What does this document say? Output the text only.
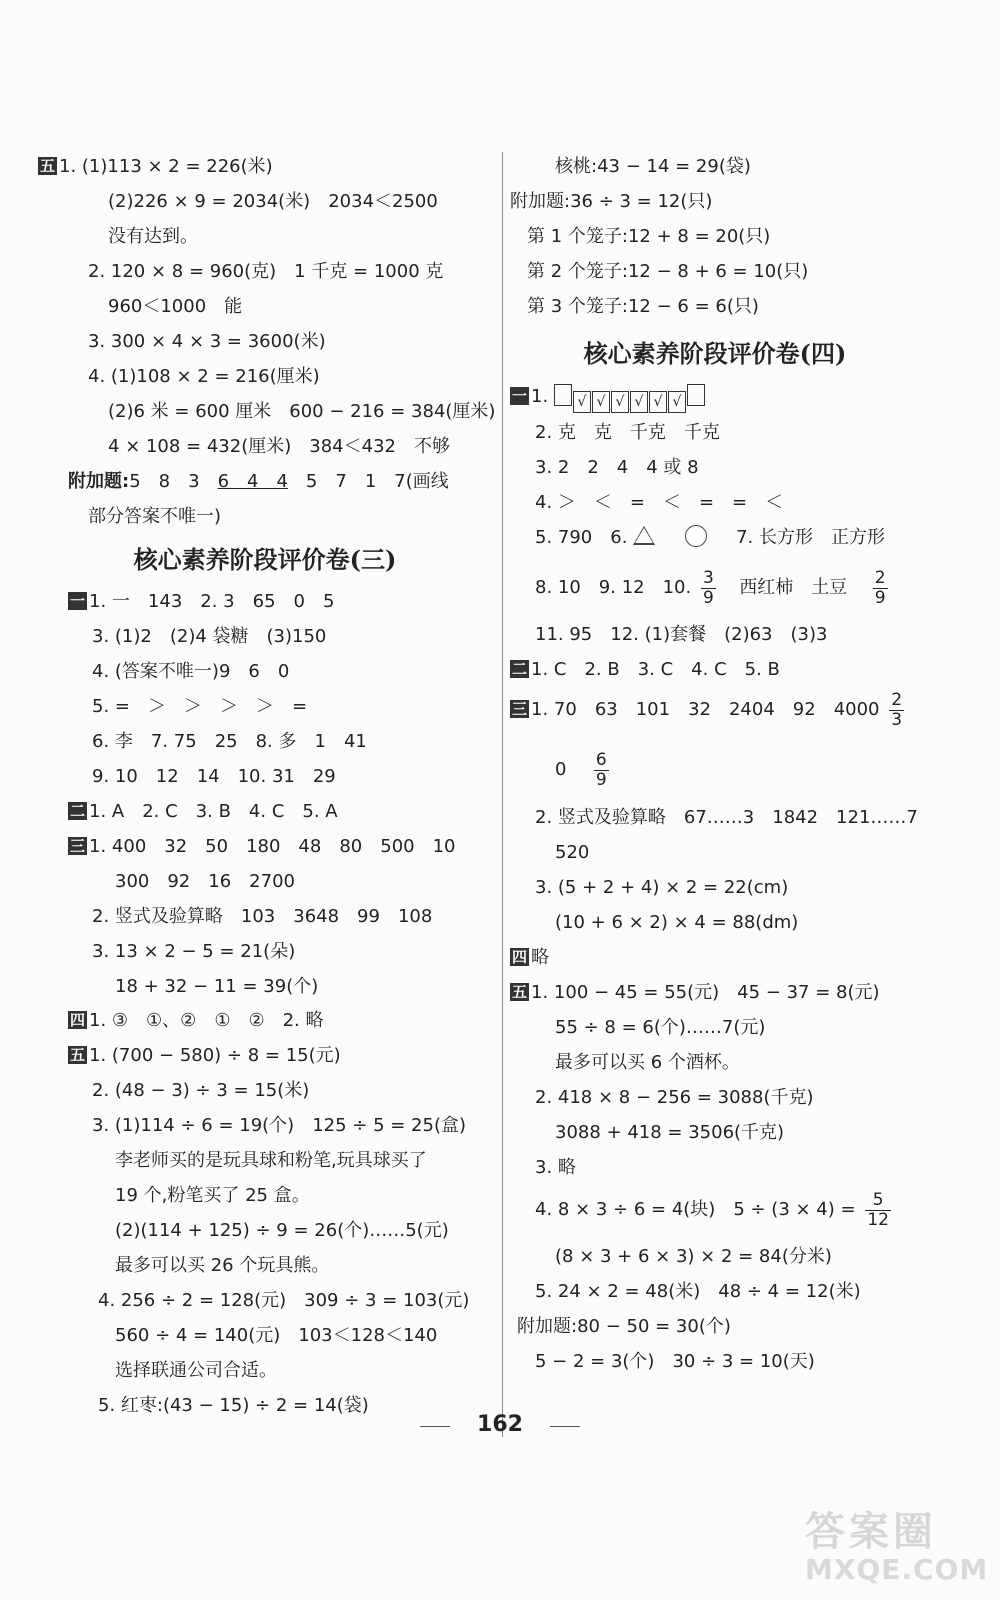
五 1. (1)113 × 2 = 226(米)
(2)226 × 9 = 2034(米)　2034＜2500
没有达到。
2. 120 × 8 = 960(克)　1 千克 = 1000 克
960＜1000　能
3. 300 × 4 × 3 = 3600(米)
4. (1)108 × 2 = 216(厘米)
(2)6 米 = 600 厘米　600 − 216 = 384(厘米)
4 × 108 = 432(厘米)　384＜432　不够
附加题:5　8　3　6　4　4　5　7　1　7(画线
部分答案不唯一)
核心素养阶段评价卷(三)
一 1. 一　143　2. 3　65　0　5
3. (1)2　(2)4 袋糖　(3)150
4. (答案不唯一)9　6　0
5. =　＞　＞　＞　＞　=
6. 李　7. 75　25　8. 多　1　41
9. 10　12　14　10. 31　29
二 1. A　2. C　3. B　4. C　5. A
三 1. 400　32　50　180　48　80　500　10
300　92　16　2700
2. 竖式及验算略　103　3648　99　108
3. 13 × 2 − 5 = 21(朵)
18 + 32 − 11 = 39(个)
四 1. ③　①、②　①　②　2. 略
五 1. (700 − 580) ÷ 8 = 15(元)
2. (48 − 3) ÷ 3 = 15(米)
3. (1)114 ÷ 6 = 19(个)　125 ÷ 5 = 25(盒)
李老师买的是玩具球和粉笔,玩具球买了
19 个,粉笔买了 25 盒。
(2)(114 + 125) ÷ 9 = 26(个)……5(元)
最多可以买 26 个玩具熊。
4. 256 ÷ 2 = 128(元)　309 ÷ 3 = 103(元)
560 ÷ 4 = 140(元)　103＜128＜140
选择联通公司合适。
5. 红枣:(43 − 15) ÷ 2 = 14(袋)
核桃:43 − 14 = 29(袋)
附加题:36 ÷ 3 = 12(只)
第 1 个笼子:12 + 8 = 20(只)
第 2 个笼子:12 − 8 + 6 = 10(只)
第 3 个笼子:12 − 6 = 6(只)
核心素养阶段评价卷(四)
一 1. √ √ √ √ √ √
2. 克　克　千克　千克
3. 2　2　4　4 或 8
4. ＞　＜　=　＜　=　=　＜
5. 790　6.	7. 长方形　正方形
8. 10　9. 12　10. $\frac{3}{9}$ 西红柿　土豆 $\frac{2}{9}$
11. 95　12. (1)套餐　(2)63　(3)3
二 1. C　2. B　3. C　4. C　5. B
三 1. 70　63　101　32　2404　92　$4000 \frac{2}{3}$
$0 \frac{6}{9}$
2. 竖式及验算略　67……3　1842　121……7
520
3. (5 + 2 + 4) × 2 = 22(cm)
(10 + 6 × 2) × 4 = 88(dm)
四 略
五 1. 100 − 45 = 55(元)　45 − 37 = 8(元)
55 ÷ 8 = 6(个)……7(元)
最多可以买 6 个酒杯。
2. 418 × 8 − 256 = 3088(千克)
3088 + 418 = 3506(千克)
3. 略
4. 8 × 3 ÷ 6 = 4(块)　$5 \div (3 \times 4) = \frac{5}{12}$
(8 × 3 + 6 × 3) × 2 = 84(分米)
5. 24 × 2 = 48(米)　48 ÷ 4 = 12(米)
附加题:80 − 50 = 30(个)
5 − 2 = 3(个)　30 ÷ 3 = 10(天)
162
答案圈
MXQE.COM
